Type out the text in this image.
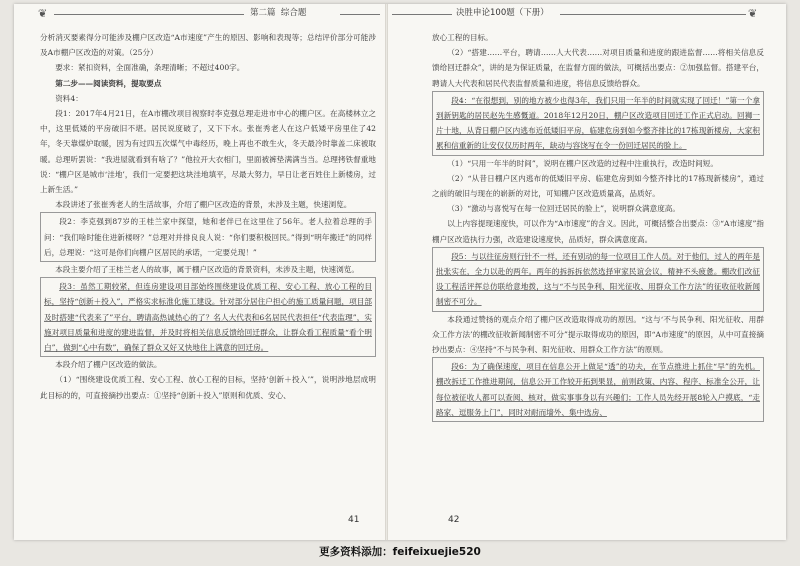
❦	第二篇 综合题	决胜申论100题（下册）	❦

分析消灭要素得分可能涉及棚户区改造“A市速度”产生的原因、影响和表现等；总结评价部分可能涉及A市棚户区改造的对策。（25分）

要求：紧扣资料，全面准确，条理清晰；不超过400字。

第二步——阅读资料，提取要点

资料4：

段1：2017年4月21日，在A市棚改项目视察时李克强总理走进市中心的棚户区。在高楼林立之中，这里低矮的平房破旧不堪。居民说度破了，又下下水。张崔秀老人在这户低矮平房里住了42年，冬天靠煤炉取暖，因为有过四五次煤气中毒经历，晚上再也不敢生火，冬天最冷时靠盖二床被取暖。总理听罢说：“我进屋就看到有啥了？”他拉开大衣相门，里面被裤垫满满当当。总理拷铁督重地说：“棚户区是城市‘洼地’，我们一定要把这块洼地填平，尽最大努力，早日让老百姓住上新楼房，过上新生活。”

本段讲述了张崔秀老人的生活故事，介绍了棚户区改造的背景，未涉及主题，快速浏览。

段2：李克强到87岁的王桂兰家中探望，她和老伴已在这里住了56年。老人拉着总理的手问：“我们啥时能住进新楼呀？”总理对并排良良人说：“你们要积极回民。”得到“明年搬迁”的同样后，总理说：“这可是你们向棚户区居民的承诺，一定要兑现！”

本段主要介绍了王桂兰老人的故事，属于棚户区改造的背景资料，未涉及主题，快速浏览。

段3：虽然工期较紧，但连房建设项目部始终围绕建设优质工程、安心工程、放心工程的目标，坚持“创新＋投入”，严格实求标准化施工建设。针对部分居住户担心的施工质量问题，项目部及时搭建“代表来了”平台，聘请高热诚热心的了？名人大代表和6名居民代表担任“代表监理”，实施对项目质量和进度的建进监督，并及时将相关信息反馈给回迁群众，让群众看工程质量“看个明白”，做到“心中有数”，确保了群众又好又快地住上满意的回迁房。

本段介绍了棚户区改造的做法。

（1）“围绕建设优质工程、安心工程、放心工程的目标，坚持‘创新＋投入’”，说明涉地层成明此目标的的，可直接摘抄出要点：①坚持“创新＋投入”原则和优质、安心、

41

放心工程的目标。

（2）“搭建……平台，聘请……人大代表……对项目质量和进度的跟进监督……将相关信息反馈给回迁群众”，讲的是为保证质量，在监督方面的做法，可概括出要点：②加强监督。搭建平台，聘请人大代表和居民代表监督质量和进度，将信息反馈给群众。

段4：“在很想到，别的地方被少也得3年，我们只用一年半的时间就实现了回迁！”第一个拿到新钥匙的居民赵先生感慨道。2018年12月20日，棚户区改造项目回迁工作正式启动。回狮一片十地，从背日棚户区内逃布近低矮旧平房，临建危房到如今整齐排比的17栋现新楼房，大家积累和信重新的让安仅仅历时两年，缺动与容饶写在令一份回迁居民的脸上。

（1）“只用一年半的时间”，说明在棚户区改造的过程中注重执行，改造时间短。

（2）“从昔日棚户区内逃布的低矮旧平房、临建危房到如今整齐排比的17栋现新楼房”，通过之前的破旧与现在的崭新的对比，可知棚户区改造质量高，品质好。

（3）“激动与喜悦写在每一位回迁居民的脸上”，说明群众满意度高。

以上内容提现速度快，可以作为“A市速度”的含义。因此，可概括整合出要点：③“A市速度”指棚户区改造执行力强，改造建设速度快，品质好，群众满意度高。

段5：与以往征房则行针不一样，还有别动的每一位项目工作人员。对于他们，过人的两年是批张实在，全力以赴的两年。两年的拆拆拆依然选择审家民谊会议，精神不头疲惫。棚改们改征设工程活评挥总仿联给意地拨，这与“不与民争利、阳光征收、用群众工作方法”的征收征收新闻制密不可分。

本段通过赞扬的观点介绍了棚户区改造取得成功的原因。“这与‘不与民争利、阳光征收、用群众工作方法’的棚改征收新闻制密不可分”提示取得成功的原因，即“A市速度”的原因，从中可直接摘抄出要点：④坚持“不与民争利、阳光征收、用群众工作方法”的原则。

段6：为了确保速度，项目在信息公开上做足“透”的功夫，在节点推进上抓住“早”的先机。棚改拆迁工作推进期间，信息公开工作较开拓到果显，前则政策、内容、程序、标准全公开，让每位被征收人都可以查阅、核对，做实事事身以有兴趣们；工作人员先经开展8轮入户摸底，“走路家、逗服务上门”，同时对耐而墙外、集中选房、

42
更多资料添加：feifeixuejie520
